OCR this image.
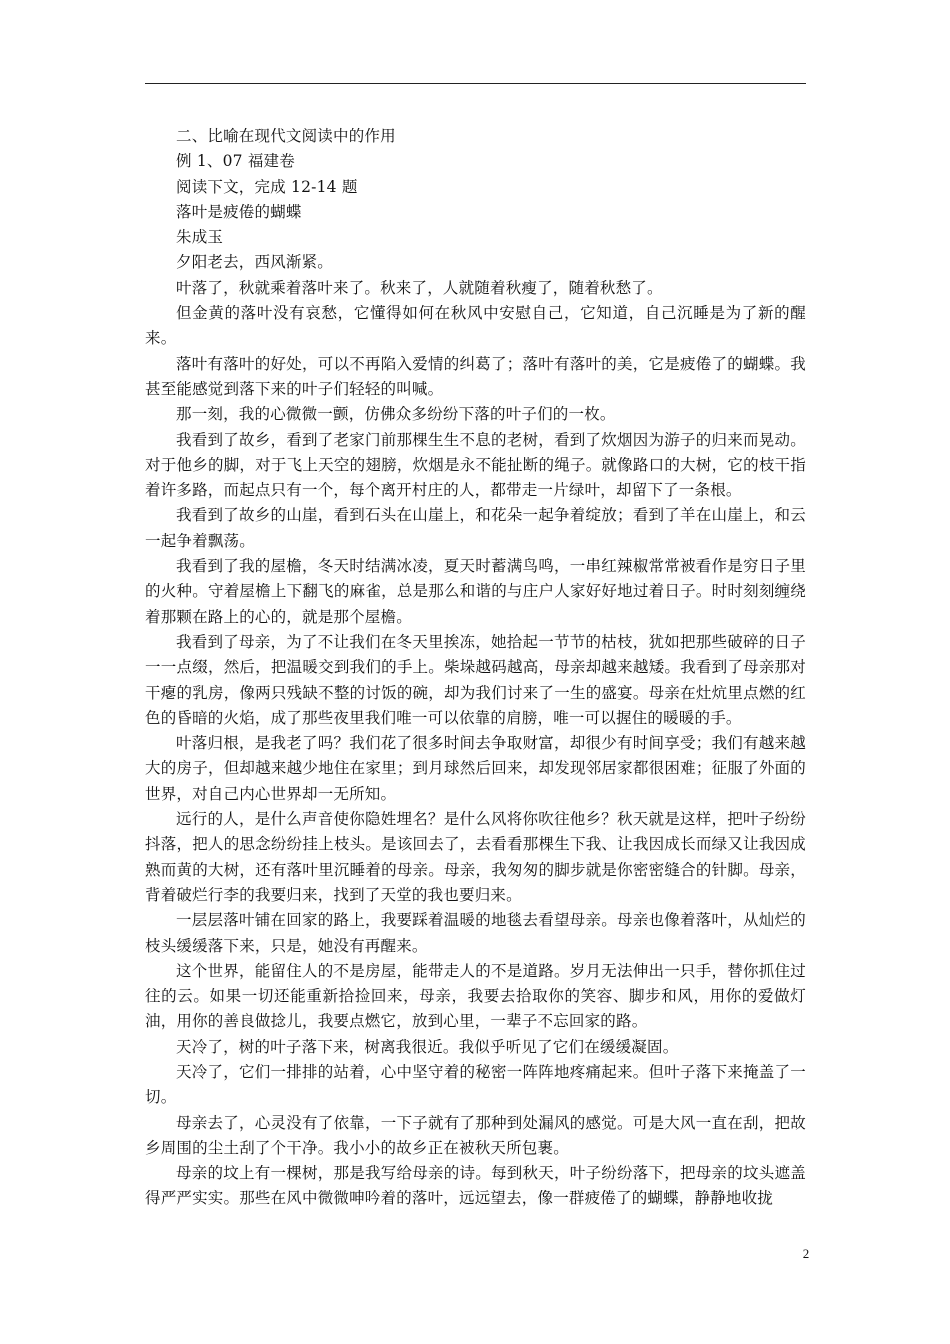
二、比喻在现代文阅读中的作用

例 1、07 福建卷

阅读下文，完成 12-14 题

落叶是疲倦的蝴蝶

朱成玉

夕阳老去，西风渐紧。

叶落了，秋就乘着落叶来了。秋来了，人就随着秋瘦了，随着秋愁了。

但金黄的落叶没有哀愁，它懂得如何在秋风中安慰自己，它知道，自己沉睡是为了新的醒来。

落叶有落叶的好处，可以不再陷入爱情的纠葛了；落叶有落叶的美，它是疲倦了的蝴蝶。我甚至能感觉到落下来的叶子们轻轻的叫喊。

那一刻，我的心微微一颤，仿佛众多纷纷下落的叶子们的一枚。

我看到了故乡，看到了老家门前那棵生生不息的老树，看到了炊烟因为游子的归来而晃动。对于他乡的脚，对于飞上天空的翅膀，炊烟是永不能扯断的绳子。就像路口的大树，它的枝干指着许多路，而起点只有一个，每个离开村庄的人，都带走一片绿叶，却留下了一条根。

我看到了故乡的山崖，看到石头在山崖上，和花朵一起争着绽放；看到了羊在山崖上，和云一起争着飘荡。

我看到了我的屋檐，冬天时结满冰凌，夏天时蓄满鸟鸣，一串红辣椒常常被看作是穷日子里的火种。守着屋檐上下翻飞的麻雀，总是那么和谐的与庄户人家好好地过着日子。时时刻刻缠绕着那颗在路上的心的，就是那个屋檐。

我看到了母亲，为了不让我们在冬天里挨冻，她拾起一节节的枯枝，犹如把那些破碎的日子一一点缀，然后，把温暖交到我们的手上。柴垛越码越高，母亲却越来越矮。我看到了母亲那对干瘪的乳房，像两只残缺不整的讨饭的碗，却为我们讨来了一生的盛宴。母亲在灶炕里点燃的红色的昏暗的火焰，成了那些夜里我们唯一可以依靠的肩膀，唯一可以握住的暖暖的手。

叶落归根，是我老了吗？我们花了很多时间去争取财富，却很少有时间享受；我们有越来越大的房子，但却越来越少地住在家里；到月球然后回来，却发现邻居家都很困难；征服了外面的世界，对自己内心世界却一无所知。

远行的人，是什么声音使你隐姓埋名？是什么风将你吹往他乡？秋天就是这样，把叶子纷纷抖落，把人的思念纷纷挂上枝头。是该回去了，去看看那棵生下我、让我因成长而绿又让我因成熟而黄的大树，还有落叶里沉睡着的母亲。母亲，我匆匆的脚步就是你密密缝合的针脚。母亲，背着破烂行李的我要归来，找到了天堂的我也要归来。

一层层落叶铺在回家的路上，我要踩着温暖的地毯去看望母亲。母亲也像着落叶，从灿烂的枝头缓缓落下来，只是，她没有再醒来。

这个世界，能留住人的不是房屋，能带走人的不是道路。岁月无法伸出一只手，替你抓住过往的云。如果一切还能重新拾捡回来，母亲，我要去拾取你的笑容、脚步和风，用你的爱做灯油，用你的善良做捻儿，我要点燃它，放到心里，一辈子不忘回家的路。

天冷了，树的叶子落下来，树离我很近。我似乎听见了它们在缓缓凝固。

天冷了，它们一排排的站着，心中坚守着的秘密一阵阵地疼痛起来。但叶子落下来掩盖了一切。

母亲去了，心灵没有了依靠，一下子就有了那种到处漏风的感觉。可是大风一直在刮，把故乡周围的尘土刮了个干净。我小小的故乡正在被秋天所包裹。

母亲的坟上有一棵树，那是我写给母亲的诗。每到秋天，叶子纷纷落下，把母亲的坟头遮盖得严严实实。那些在风中微微呻吟着的落叶，远远望去，像一群疲倦了的蝴蝶，静静地收拢

2
